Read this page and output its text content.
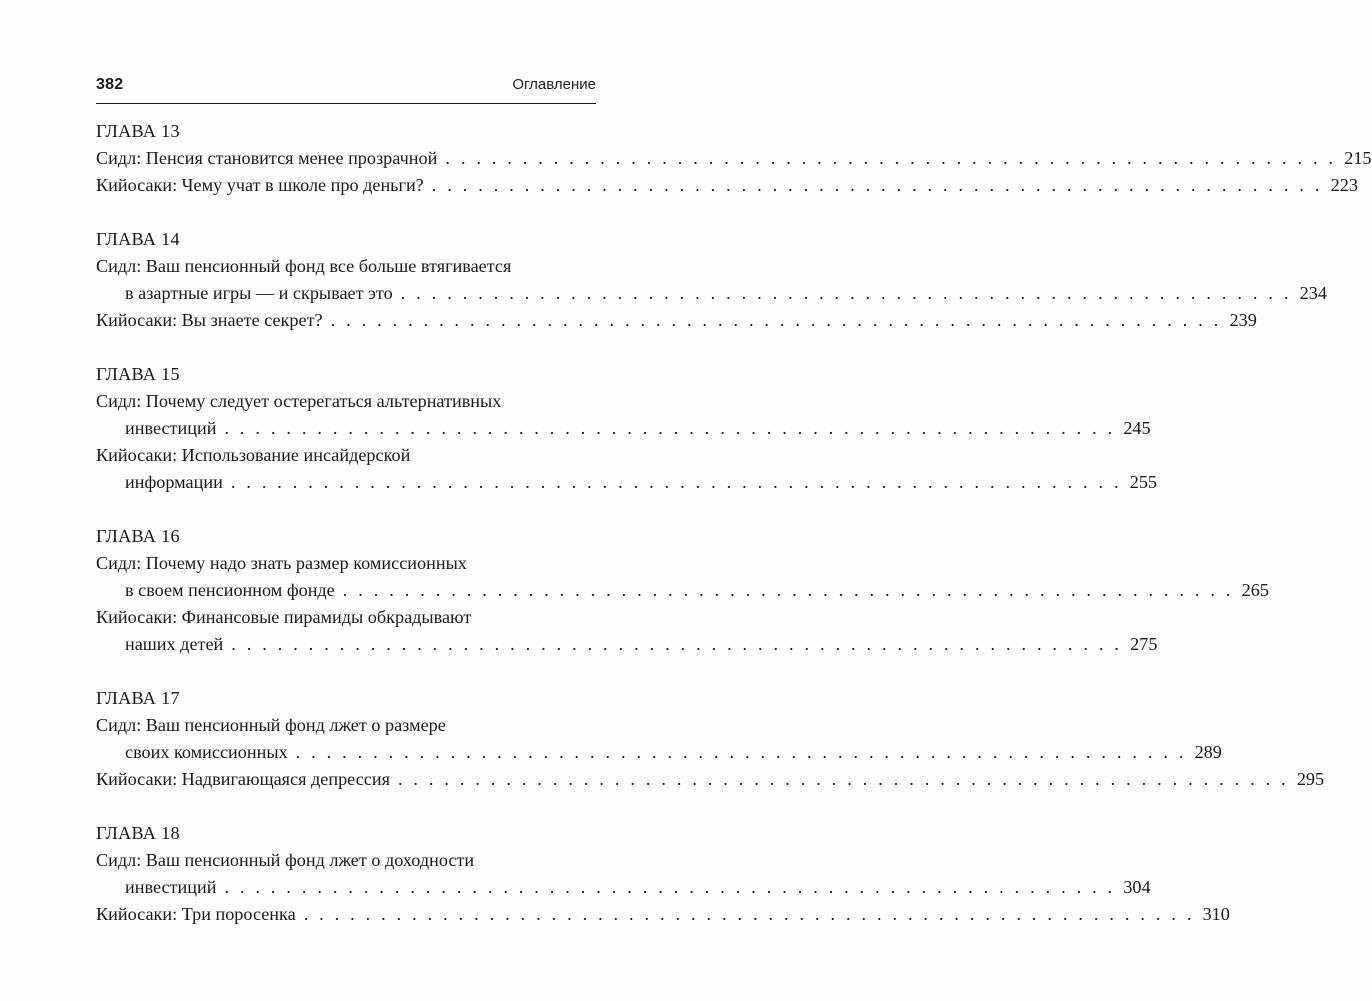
382	Оглавление
ГЛАВА 13
Сидл: Пенсия становится менее прозрачной . . . . . . . . . . . . . . . . . . . . . . . . . . . . . . . . . . . . . . . . . . . . . . . . . . . . . . . . . . 215
Кийосаки: Чему учат в школе про деньги? . . . . . . . . . . . . . . . . . . . . . . . . . . . . . . . . . . . . . . . . . . . . . . . . . . . . . . . . . . 223
ГЛАВА 14
Сидл: Ваш пенсионный фонд все больше втягивается
в азартные игры — и скрывает это . . . . . . . . . . . . . . . . . . . . . . . . . . . . . . . . . . . . . . . . . . . . . . . . . . . . . . . . . . 234
Кийосаки: Вы знаете секрет? . . . . . . . . . . . . . . . . . . . . . . . . . . . . . . . . . . . . . . . . . . . . . . . . . . . . . . . . . . 239
ГЛАВА 15
Сидл: Почему следует остерегаться альтернативных
инвестиций . . . . . . . . . . . . . . . . . . . . . . . . . . . . . . . . . . . . . . . . . . . . . . . . . . . . . . . . . . 245
Кийосаки: Использование инсайдерской
информации . . . . . . . . . . . . . . . . . . . . . . . . . . . . . . . . . . . . . . . . . . . . . . . . . . . . . . . . . . 255
ГЛАВА 16
Сидл: Почему надо знать размер комиссионных
в своем пенсионном фонде . . . . . . . . . . . . . . . . . . . . . . . . . . . . . . . . . . . . . . . . . . . . . . . . . . . . . . . . . . 265
Кийосаки: Финансовые пирамиды обкрадывают
наших детей . . . . . . . . . . . . . . . . . . . . . . . . . . . . . . . . . . . . . . . . . . . . . . . . . . . . . . . . . . 275
ГЛАВА 17
Сидл: Ваш пенсионный фонд лжет о размере
своих комиссионных . . . . . . . . . . . . . . . . . . . . . . . . . . . . . . . . . . . . . . . . . . . . . . . . . . . . . . . . . . 289
Кийосаки: Надвигающаяся депрессия . . . . . . . . . . . . . . . . . . . . . . . . . . . . . . . . . . . . . . . . . . . . . . . . . . . . . . . . . . 295
ГЛАВА 18
Сидл: Ваш пенсионный фонд лжет о доходности
инвестиций . . . . . . . . . . . . . . . . . . . . . . . . . . . . . . . . . . . . . . . . . . . . . . . . . . . . . . . . . . 304
Кийосаки: Три поросенка . . . . . . . . . . . . . . . . . . . . . . . . . . . . . . . . . . . . . . . . . . . . . . . . . . . . . . . . . . 310
